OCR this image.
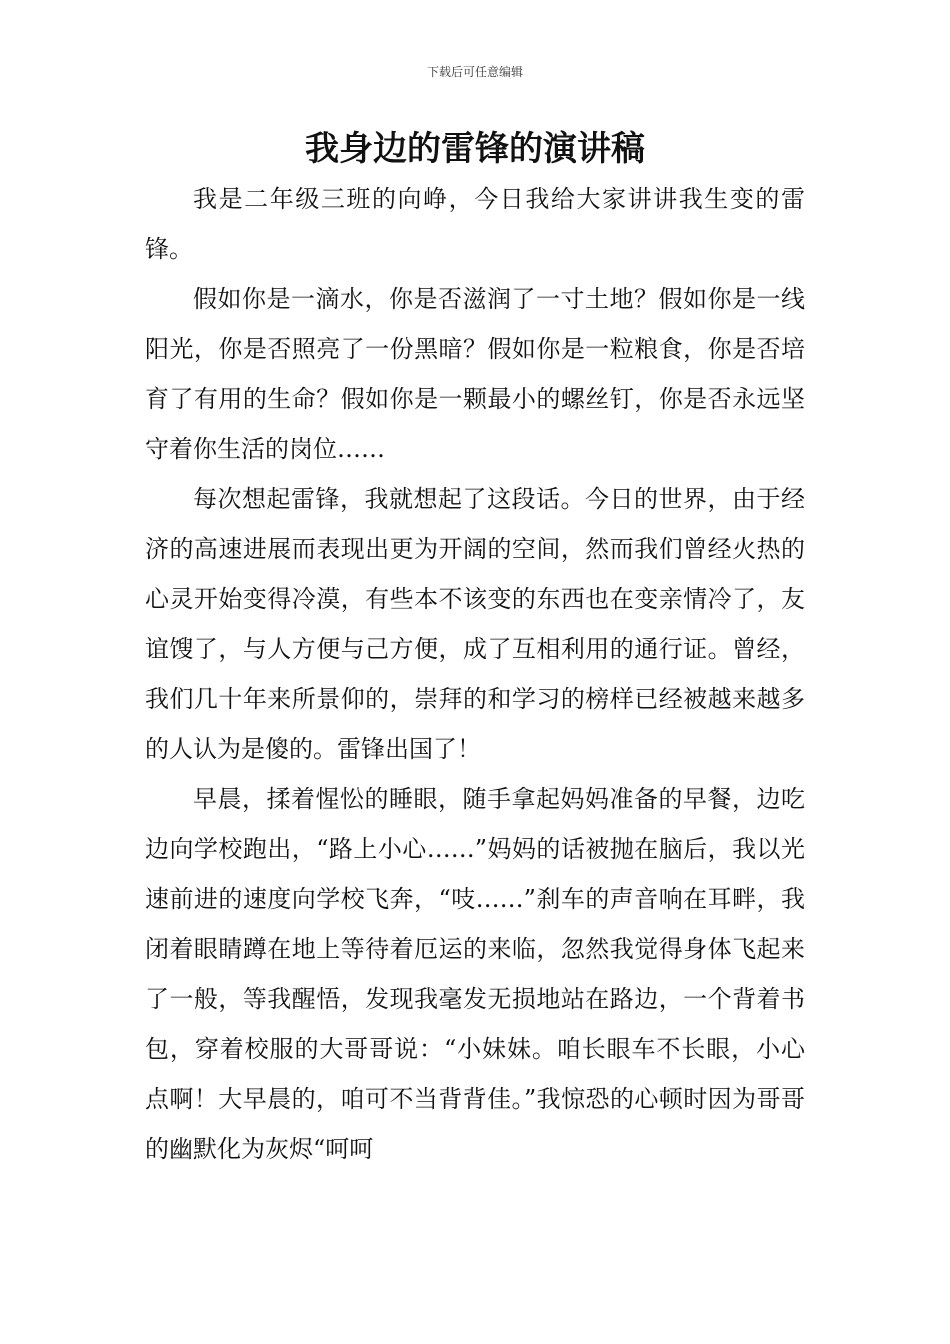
下载后可任意编辑
我身边的雷锋的演讲稿

我是二年级三班的向峥，今日我给大家讲讲我生变的雷锋。

假如你是一滴水，你是否滋润了一寸土地？假如你是一线阳光，你是否照亮了一份黑暗？假如你是一粒粮食，你是否培育了有用的生命？假如你是一颗最小的螺丝钉，你是否永远坚守着你生活的岗位……

每次想起雷锋，我就想起了这段话。今日的世界，由于经济的高速进展而表现出更为开阔的空间，然而我们曾经火热的心灵开始变得冷漠，有些本不该变的东西也在变亲情冷了，友谊馊了，与人方便与己方便，成了互相利用的通行证。曾经，我们几十年来所景仰的，崇拜的和学习的榜样已经被越来越多的人认为是傻的。雷锋出国了！

早晨，揉着惺忪的睡眼，随手拿起妈妈准备的早餐，边吃边向学校跑出，“路上小心……”妈妈的话被抛在脑后，我以光速前进的速度向学校飞奔，“吱……”刹车的声音响在耳畔，我闭着眼睛蹲在地上等待着厄运的来临，忽然我觉得身体飞起来了一般，等我醒悟，发现我毫发无损地站在路边，一个背着书包，穿着校服的大哥哥说：“小妹妹。咱长眼车不长眼，小心点啊！大早晨的，咱可不当背背佳。”我惊恐的心顿时因为哥哥的幽默化为灰烬“呵呵
